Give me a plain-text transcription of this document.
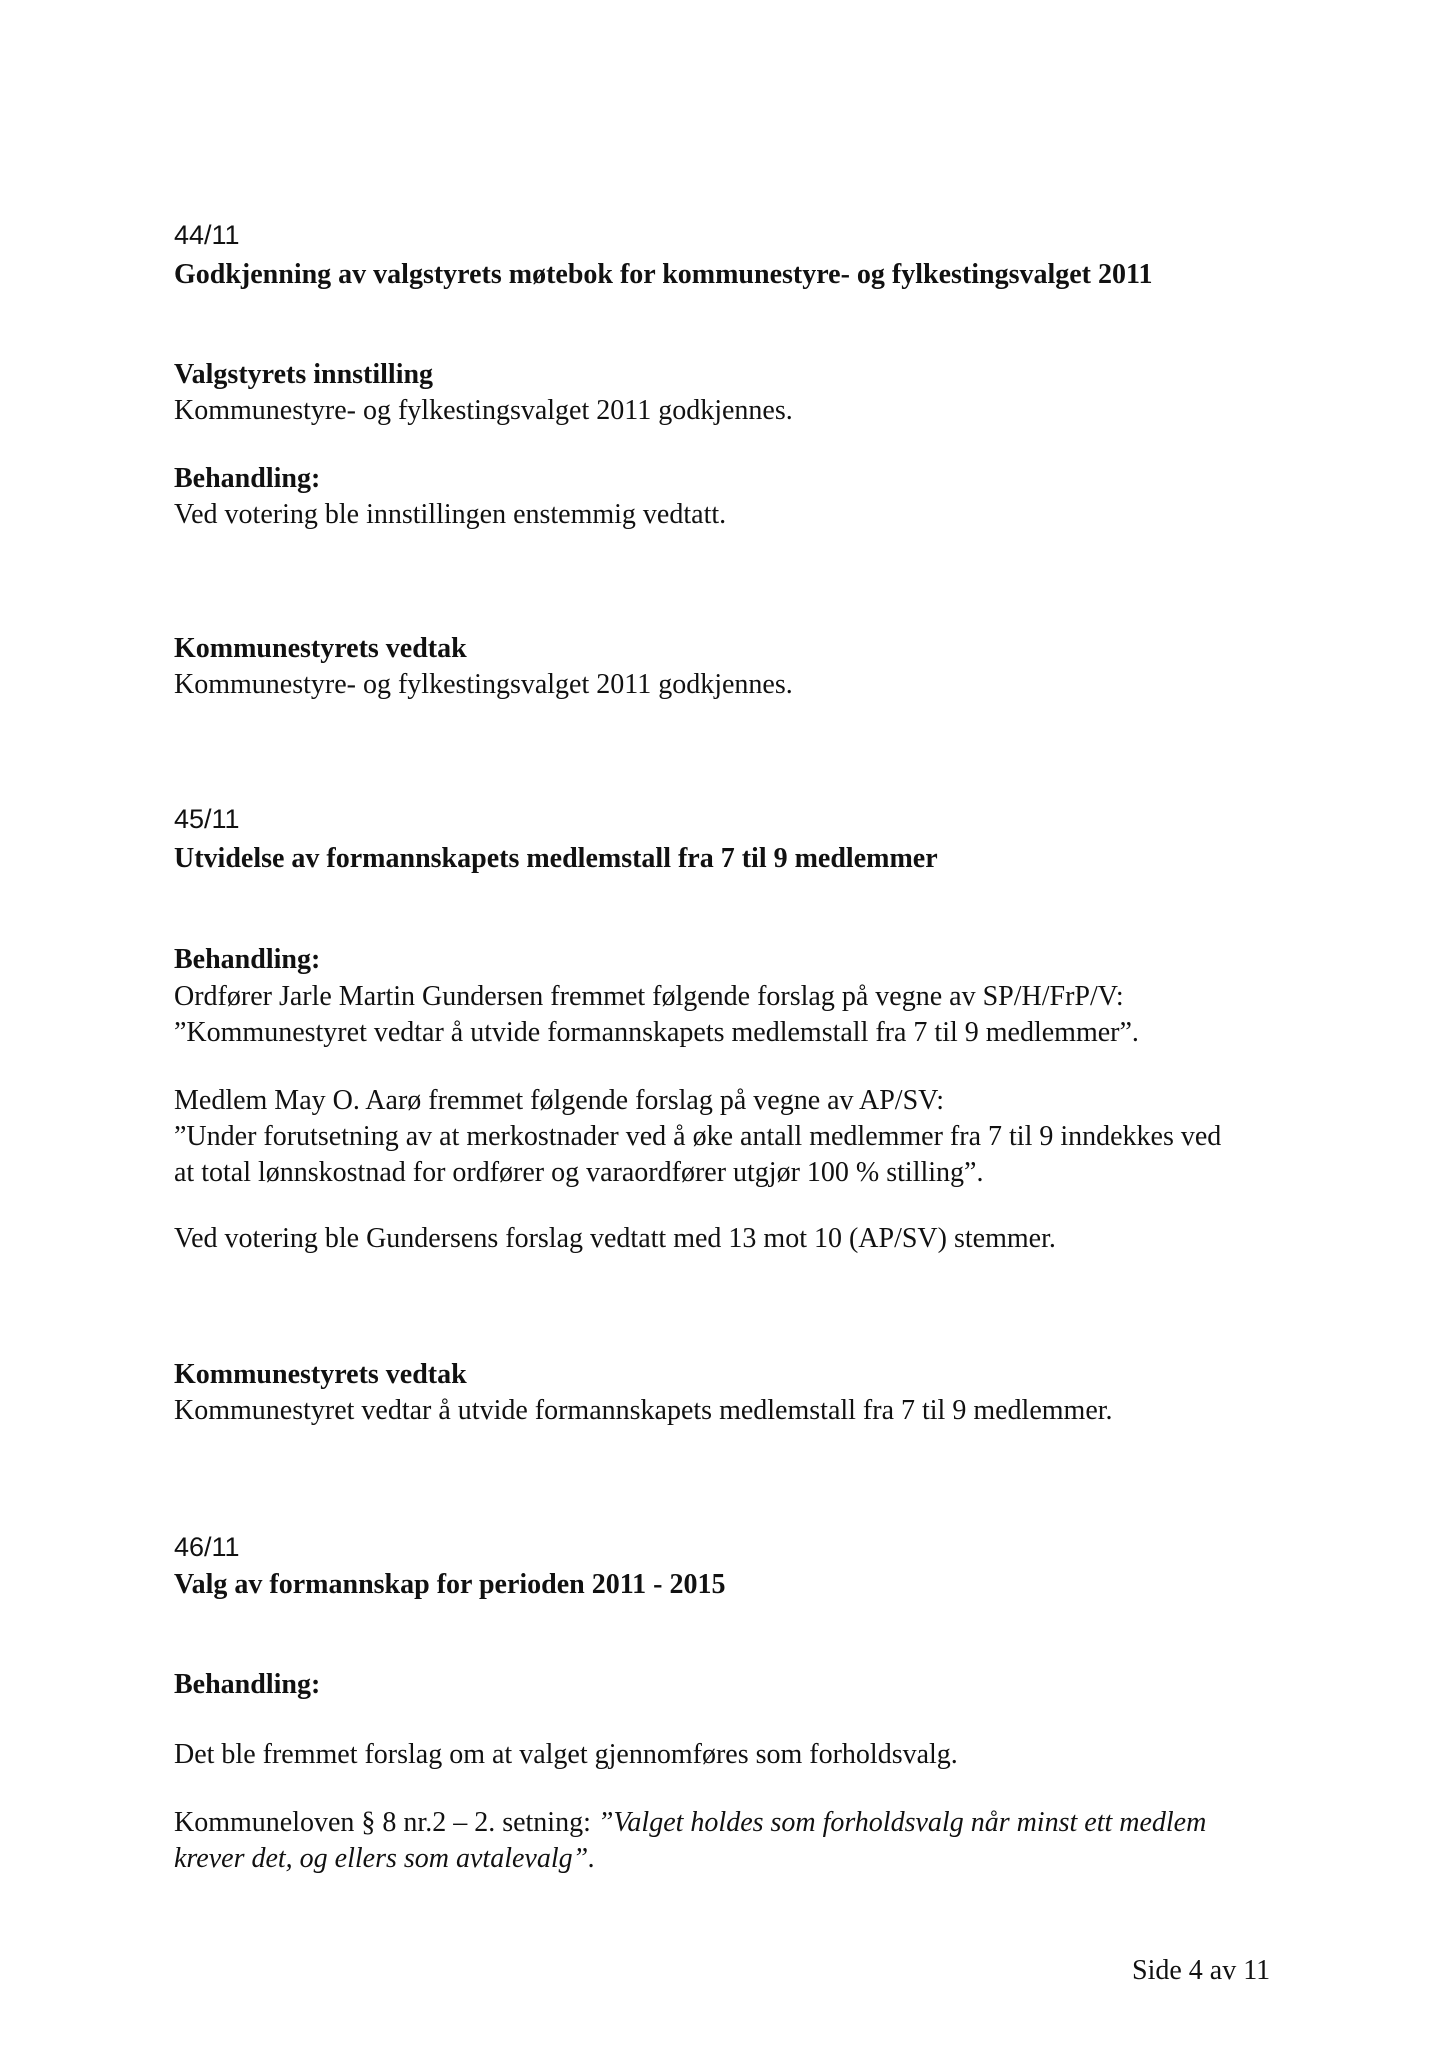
44/11
Godkjenning av valgstyrets møtebok for kommunestyre- og fylkestingsvalget 2011
Valgstyrets innstilling
Kommunestyre- og fylkestingsvalget 2011 godkjennes.
Behandling:
Ved votering ble innstillingen enstemmig vedtatt.
Kommunestyrets vedtak
Kommunestyre- og fylkestingsvalget 2011 godkjennes.
45/11
Utvidelse av formannskapets medlemstall fra 7 til 9 medlemmer
Behandling:
Ordfører Jarle Martin Gundersen fremmet følgende forslag på vegne av SP/H/FrP/V:
”Kommunestyret vedtar å utvide formannskapets medlemstall fra 7 til 9 medlemmer”.
Medlem May O. Aarø fremmet følgende forslag på vegne av AP/SV:
”Under forutsetning av at merkostnader ved å øke antall medlemmer fra 7 til 9 inndekkes ved
at total lønnskostnad for ordfører og varaordfører utgjør 100 % stilling”.
Ved votering ble Gundersens forslag vedtatt med 13 mot 10 (AP/SV) stemmer.
Kommunestyrets vedtak
Kommunestyret vedtar å utvide formannskapets medlemstall fra 7 til 9 medlemmer.
46/11
Valg av formannskap for perioden 2011 - 2015
Behandling:
Det ble fremmet forslag om at valget gjennomføres som forholdsvalg.
Kommuneloven § 8 nr.2 – 2. setning: ”Valget holdes som forholdsvalg når minst ett medlem
krever det, og ellers som avtalevalg”.
Side 4 av 11
